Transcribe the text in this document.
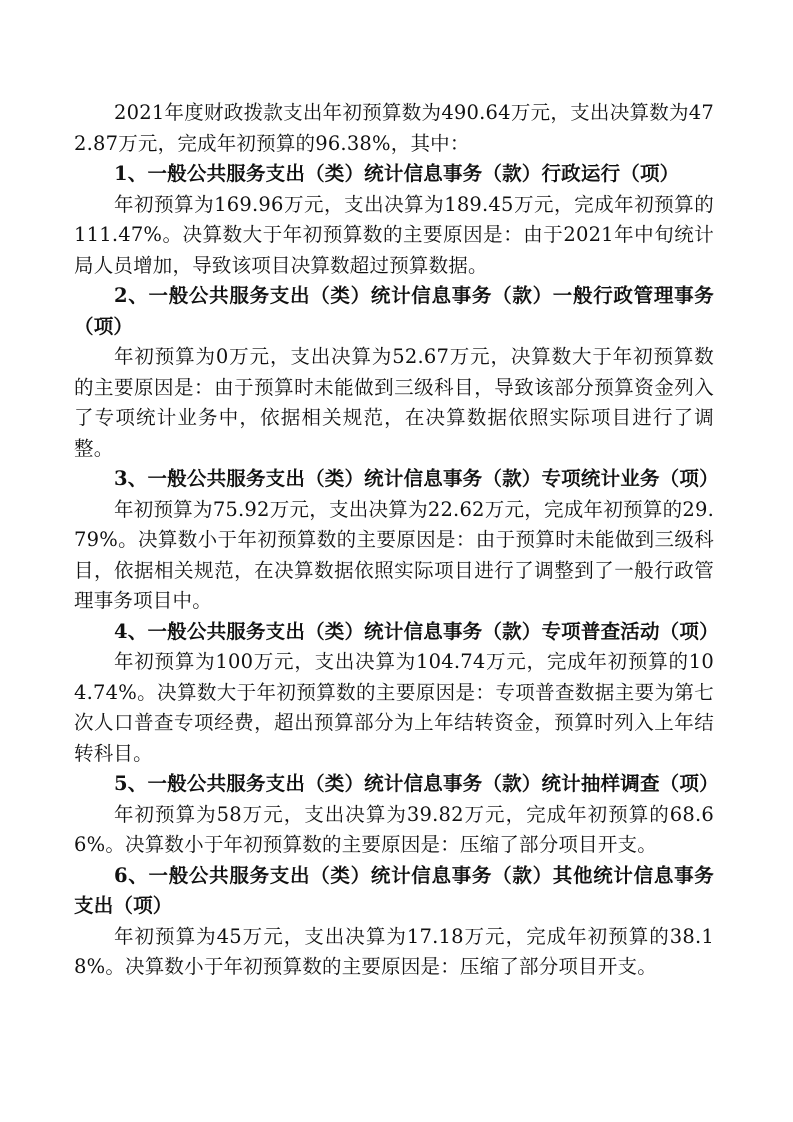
2021年度财政拨款支出年初预算数为490.64万元，支出决算数为472.87万元，完成年初预算的96.38%，其中：

1、一般公共服务支出（类）统计信息事务（款）行政运行（项）

年初预算为169.96万元，支出决算为189.45万元，完成年初预算的111.47%。决算数大于年初预算数的主要原因是：由于2021年中旬统计局人员增加，导致该项目决算数超过预算数据。

2、一般公共服务支出（类）统计信息事务（款）一般行政管理事务（项）

年初预算为0万元，支出决算为52.67万元，决算数大于年初预算数的主要原因是：由于预算时未能做到三级科目，导致该部分预算资金列入了专项统计业务中，依据相关规范，在决算数据依照实际项目进行了调整。

3、一般公共服务支出（类）统计信息事务（款）专项统计业务（项）

年初预算为75.92万元，支出决算为22.62万元，完成年初预算的29.79%。决算数小于年初预算数的主要原因是：由于预算时未能做到三级科目，依据相关规范，在决算数据依照实际项目进行了调整到了一般行政管理事务项目中。

4、一般公共服务支出（类）统计信息事务（款）专项普查活动（项）

年初预算为100万元，支出决算为104.74万元，完成年初预算的104.74%。决算数大于年初预算数的主要原因是：专项普查数据主要为第七次人口普查专项经费，超出预算部分为上年结转资金，预算时列入上年结转科目。

5、一般公共服务支出（类）统计信息事务（款）统计抽样调查（项）

年初预算为58万元，支出决算为39.82万元，完成年初预算的68.66%。决算数小于年初预算数的主要原因是：压缩了部分项目开支。

6、一般公共服务支出（类）统计信息事务（款）其他统计信息事务支出（项）

年初预算为45万元，支出决算为17.18万元，完成年初预算的38.18%。决算数小于年初预算数的主要原因是：压缩了部分项目开支。
